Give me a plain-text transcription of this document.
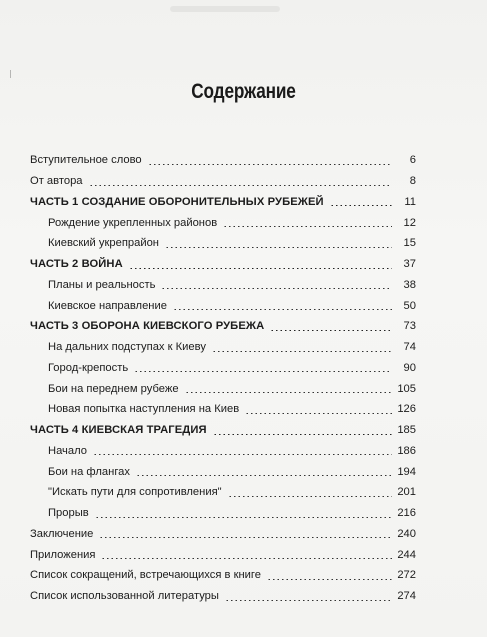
Содержание
Вступительное слово	6
От автора	8
ЧАСТЬ 1 СОЗДАНИЕ ОБОРОНИТЕЛЬНЫХ РУБЕЖЕЙ	11
Рождение укрепленных районов	12
Киевский укрепрайон	15
ЧАСТЬ 2 ВОЙНА	37
Планы и реальность	38
Киевское направление	50
ЧАСТЬ 3 ОБОРОНА КИЕВСКОГО РУБЕЖА	73
На дальних подступах к Киеву	74
Город-крепость	90
Бои на переднем рубеже	105
Новая попытка наступления на Киев	126
ЧАСТЬ 4 КИЕВСКАЯ ТРАГЕДИЯ	185
Начало	186
Бои на флангах	194
"Искать пути для сопротивления"	201
Прорыв	216
Заключение	240
Приложения	244
Список сокращений, встречающихся в книге	272
Список использованной литературы	274
